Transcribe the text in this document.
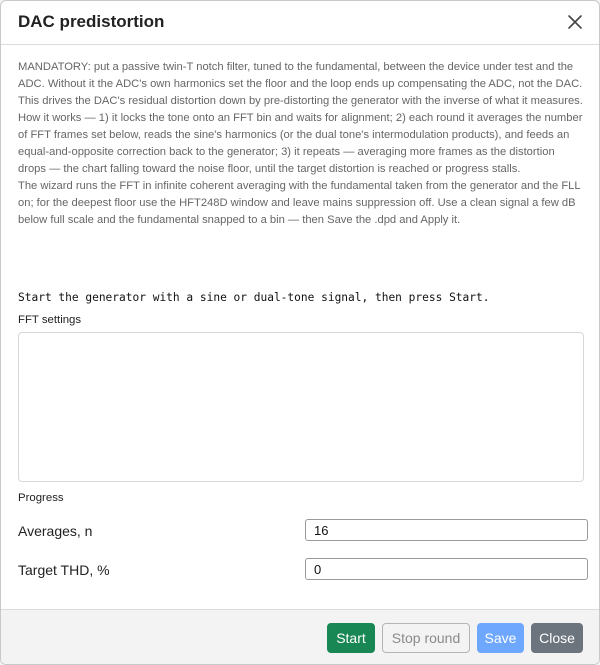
DAC predistortion

MANDATORY: put a passive twin-T notch filter, tuned to the fundamental, between the device under test and the ADC. Without it the ADC's own harmonics set the floor and the loop ends up compensating the ADC, not the DAC.

This drives the DAC's residual distortion down by pre-distorting the generator with the inverse of what it measures.

How it works — 1) it locks the tone onto an FFT bin and waits for alignment; 2) each round it averages the number of FFT frames set below, reads the sine's harmonics (or the dual tone's intermodulation products), and feeds an equal-and-opposite correction back to the generator; 3) it repeats — averaging more frames as the distortion drops — the chart falling toward the noise floor, until the target distortion is reached or progress stalls.

The wizard runs the FFT in infinite coherent averaging with the fundamental taken from the generator and the FLL on; for the deepest floor use the HFT248D window and leave mains suppression off. Use a clean signal a few dB below full scale and the fundamental snapped to a bin — then Save the .dpd and Apply it.

Start the generator with a sine or dual-tone signal, then press Start.
FFT settings
Progress
Averages, n
16
Target THD, %
0
Start	Stop round	Save	Close
